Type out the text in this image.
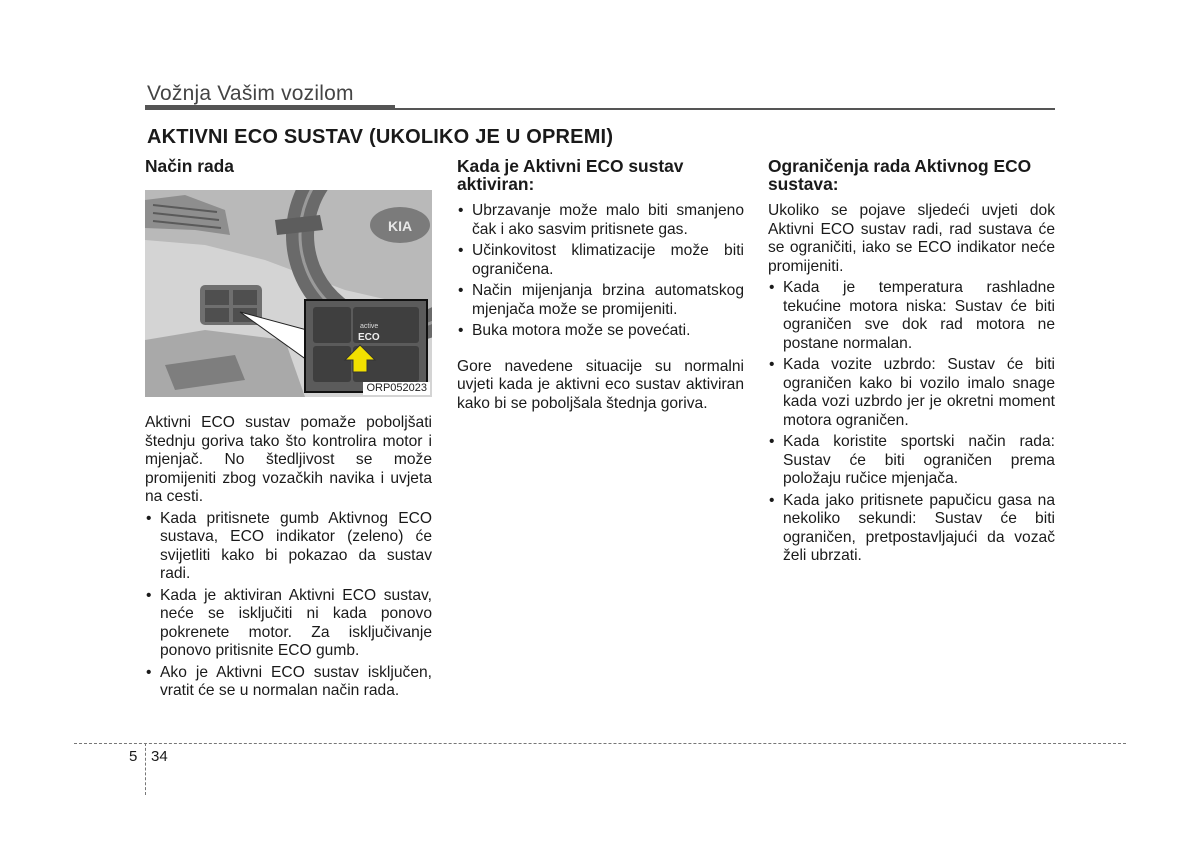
Vožnja Vašim vozilom
AKTIVNI ECO SUSTAV (UKOLIKO JE U OPREMI)
Način rada
KIA
active
ECO
ORP052023

Aktivni ECO sustav pomaže poboljšati štednju goriva tako što kontrolira motor i mjenjač. No štedljivost se može promijeniti zbog vozačkih navika i uvjeta na cesti.

• Kada pritisnete gumb Aktivnog ECO sustava, ECO indikator (zeleno) će svijetliti kako bi pokazao da sustav radi.
• Kada je aktiviran Aktivni ECO sustav, neće se isključiti ni kada ponovo pokrenete motor. Za isključivanje ponovo pritisnite ECO gumb.
• Ako je Aktivni ECO sustav isključen, vratit će se u normalan način rada.
Kada je Aktivni ECO sustav aktiviran:
• Ubrzavanje može malo biti smanjeno čak i ako sasvim pritisnete gas.
• Učinkovitost klimatizacije može biti ograničena.
• Način mijenjanja brzina automatskog mjenjača može se promijeniti.
• Buka motora može se povećati.

Gore navedene situacije su normalni uvjeti kada je aktivni eco sustav aktiviran kako bi se poboljšala štednja goriva.

Ograničenja rada Aktivnog ECO sustava:

Ukoliko se pojave sljedeći uvjeti dok Aktivni ECO sustav radi, rad sustava će se ograničiti, iako se ECO indikator neće promijeniti.

• Kada je temperatura rashladne tekućine motora niska: Sustav će biti ograničen sve dok rad motora ne postane normalan.
• Kada vozite uzbrdo: Sustav će biti ograničen kako bi vozilo imalo snage kada vozi uzbrdo jer je okretni moment motora ograničen.
• Kada koristite sportski način rada: Sustav će biti ograničen prema položaju ručice mjenjača.
• Kada jako pritisnete papučicu gasa na nekoliko sekundi: Sustav će biti ograničen, pretpostavljajući da vozač želi ubrzati.
5 34
